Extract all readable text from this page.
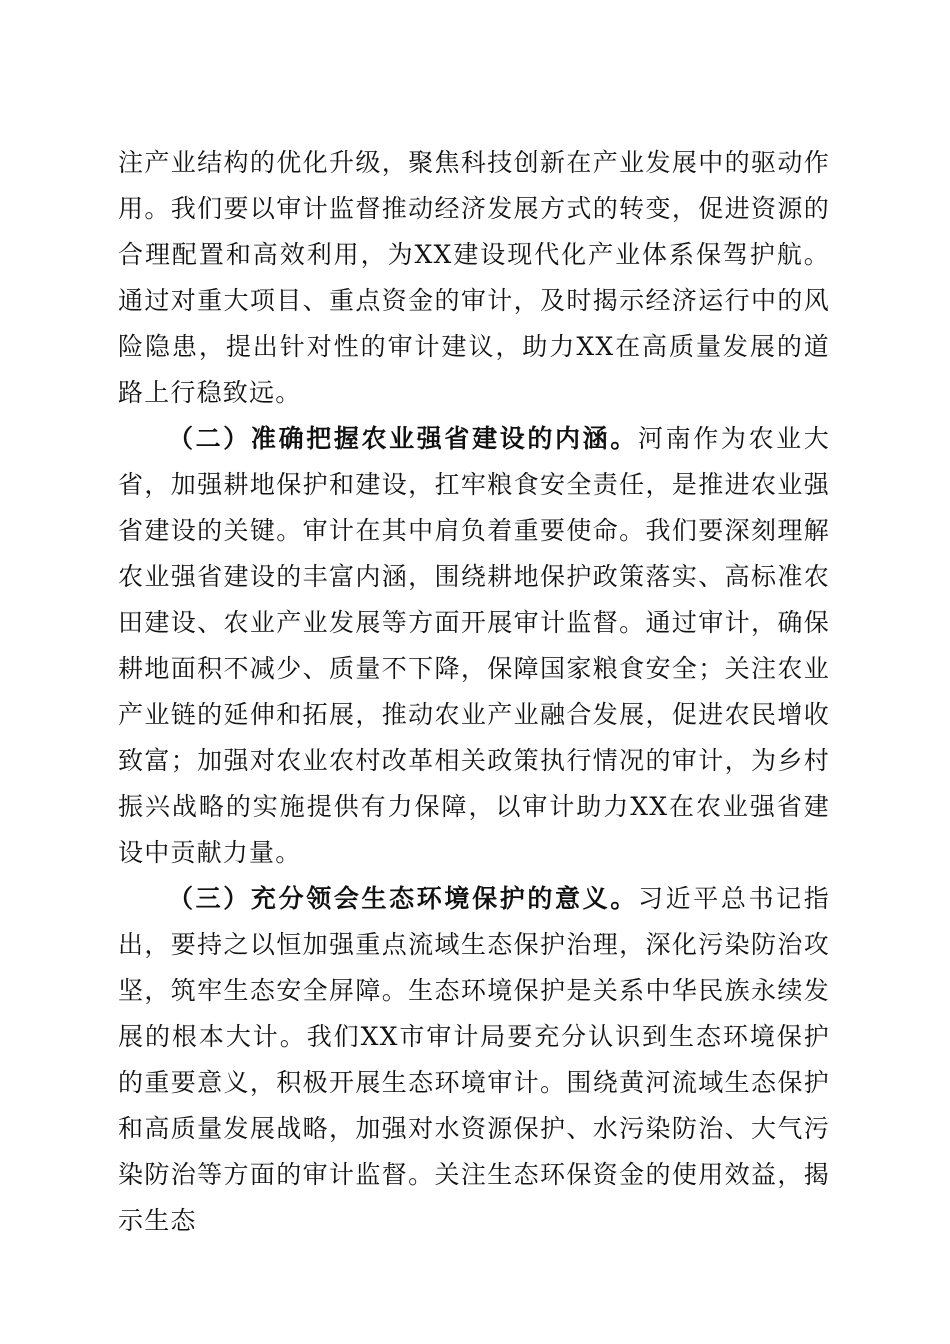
注产业结构的优化升级，聚焦科技创新在产业发展中的驱动作用。我们要以审计监督推动经济发展方式的转变，促进资源的合理配置和高效利用，为XX建设现代化产业体系保驾护航。通过对重大项目、重点资金的审计，及时揭示经济运行中的风险隐患，提出针对性的审计建议，助力XX在高质量发展的道路上行稳致远。

（二）准确把握农业强省建设的内涵。河南作为农业大省，加强耕地保护和建设，扛牢粮食安全责任，是推进农业强省建设的关键。审计在其中肩负着重要使命。我们要深刻理解农业强省建设的丰富内涵，围绕耕地保护政策落实、高标准农田建设、农业产业发展等方面开展审计监督。通过审计，确保耕地面积不减少、质量不下降，保障国家粮食安全；关注农业产业链的延伸和拓展，推动农业产业融合发展，促进农民增收致富；加强对农业农村改革相关政策执行情况的审计，为乡村振兴战略的实施提供有力保障，以审计助力XX在农业强省建设中贡献力量。

（三）充分领会生态环境保护的意义。习近平总书记指出，要持之以恒加强重点流域生态保护治理，深化污染防治攻坚，筑牢生态安全屏障。生态环境保护是关系中华民族永续发展的根本大计。我们XX市审计局要充分认识到生态环境保护的重要意义，积极开展生态环境审计。围绕黄河流域生态保护和高质量发展战略，加强对水资源保护、水污染防治、大气污染防治等方面的审计监督。关注生态环保资金的使用效益，揭示生态
